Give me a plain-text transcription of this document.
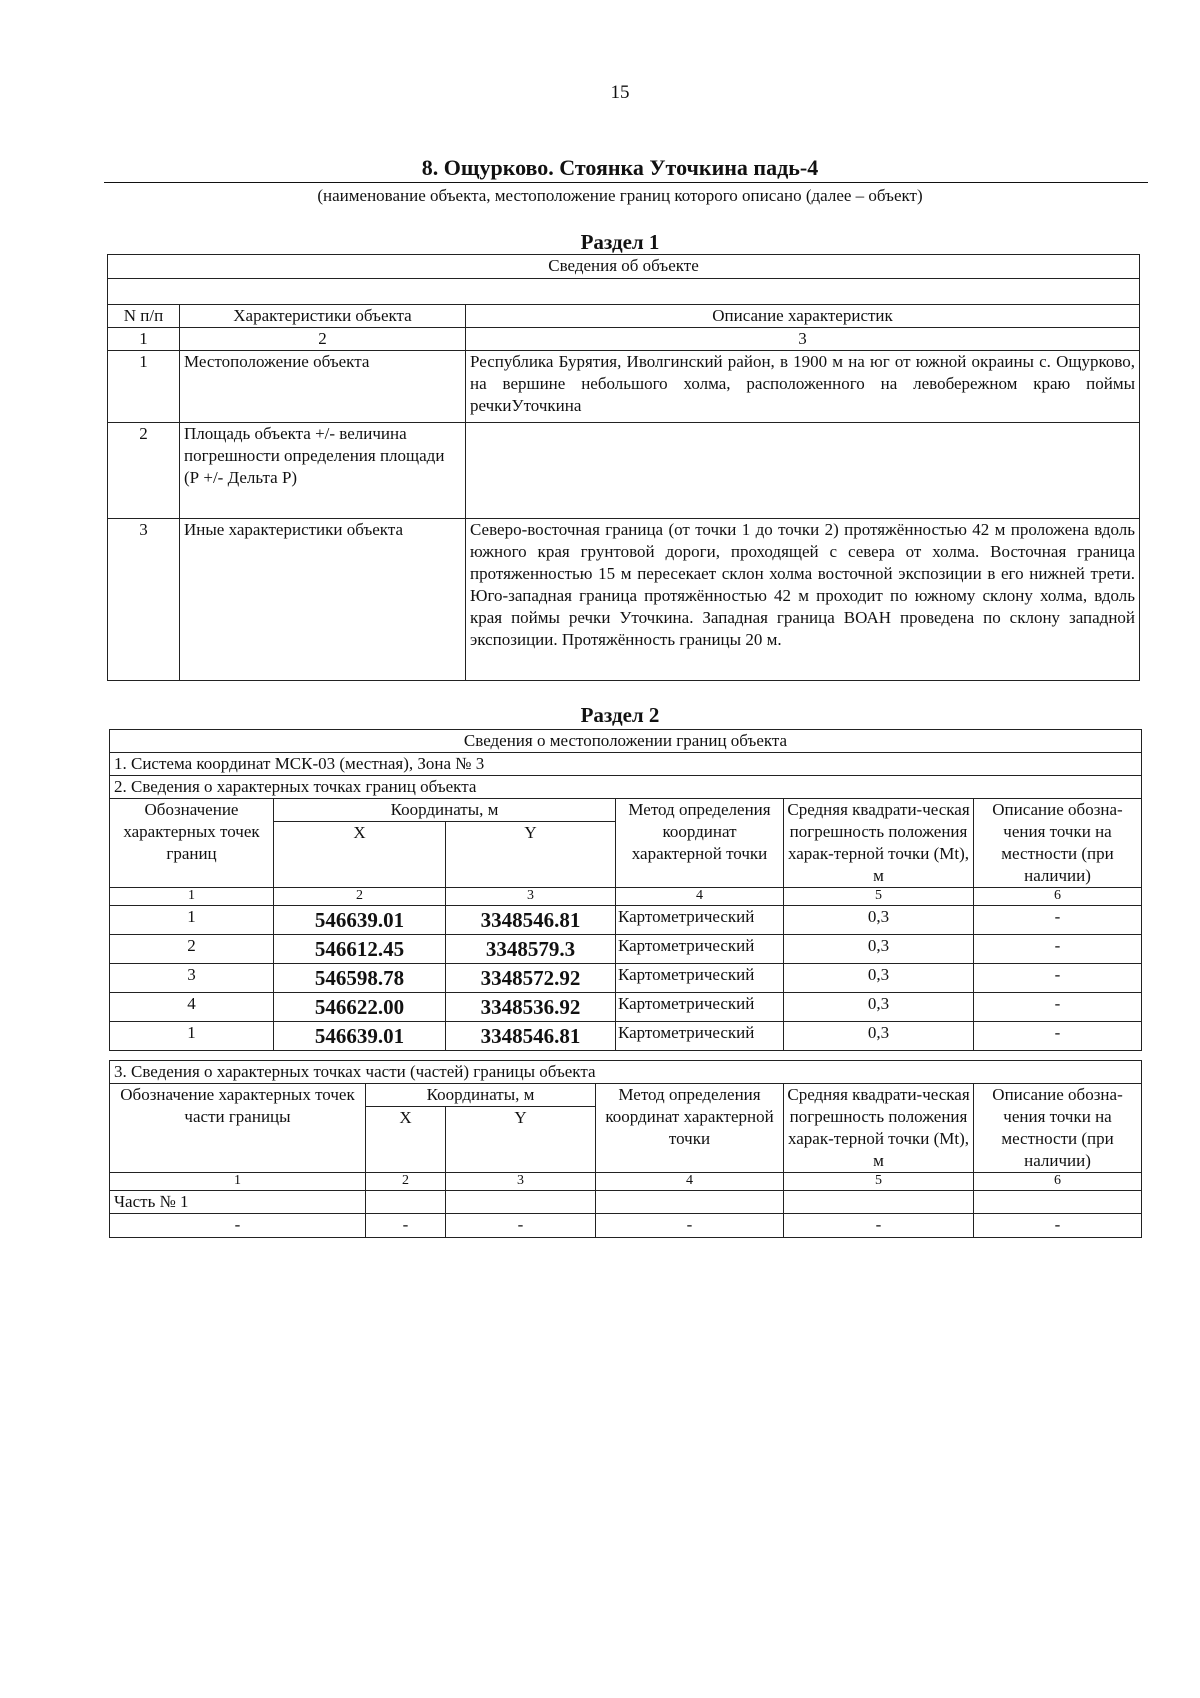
15
8. Ощурково. Стоянка Уточкина падь-4
(наименование объекта, местоположение границ которого описано (далее – объект)
Раздел 1
Сведения об объекте		

N п/п	Характеристики объекта	Описание характеристик
1	2	3
1	Местоположение объекта	Республика Бурятия, Иволгинский район, в 1900 м на юг от южной окраины с. Ощурково, на вершине небольшого холма, расположенного на левобережном краю поймы речкиУточкина
2	Площадь объекта +/- величина погрешности определения площади (Р +/- Дельта Р)	
3	Иные характеристики объекта	Северо-восточная граница (от точки 1 до точки 2) протяжённостью 42 м проложена вдоль южного края грунтовой дороги, проходящей с севера от холма. Восточная граница протяженностью 15 м пересекает склон холма восточной экспозиции в его нижней трети. Юго-западная граница протяжённостью 42 м проходит по южному склону холма, вдоль края поймы речки Уточкина. Западная граница ВОАН проведена по склону западной экспозиции. Протяжённость границы 20 м.
Раздел 2
Сведения о местоположении границ объекта					
1. Система координат МСК-03 (местная), Зона № 3					
2. Сведения о характерных точках границ объекта					
Обозначение характерных точек границ	Координаты, м		Метод определения координат характерной точки	Средняя квадрати-ческая погрешность положения харак-терной точки (Mt), м	Описание обозна-чения точки на местности (при наличии)
	X	Y			
1	2	3	4	5	6
1	546639.01	3348546.81	Картометрический	0,3	-
2	546612.45	3348579.3	Картометрический	0,3	-
3	546598.78	3348572.92	Картометрический	0,3	-
4	546622.00	3348536.92	Картометрический	0,3	-
1	546639.01	3348546.81	Картометрический	0,3	-
3. Сведения о характерных точках части (частей) границы объекта					
Обозначение характерных точек части границы	Координаты, м		Метод определения координат характерной точки	Средняя квадрати-ческая погрешность положения харак-терной точки (Mt), м	Описание обозна-чения точки на местности (при наличии)
	X	Y			
1	2	3	4	5	6
Часть № 1					
-	-	-	-	-	-
